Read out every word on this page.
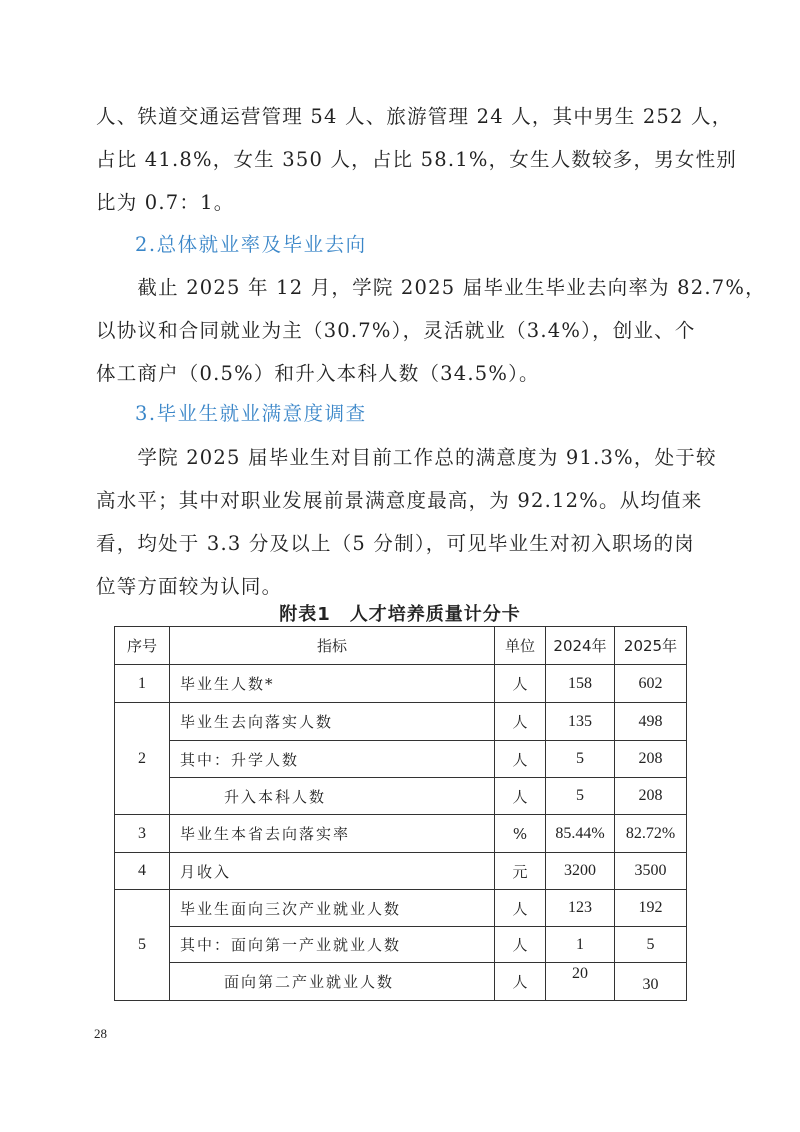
人、铁道交通运营管理 54 人、旅游管理 24 人，其中男生 252 人，
占比 41.8%，女生 350 人，占比 58.1%，女生人数较多，男女性别
比为 0.7：1。
2.总体就业率及毕业去向
　　截止 2025 年 12 月，学院 2025 届毕业生毕业去向率为 82.7%，
以协议和合同就业为主（30.7%），灵活就业（3.4%），创业、个
体工商户（0.5%）和升入本科人数（34.5%）。
3.毕业生就业满意度调查
　　学院 2025 届毕业生对目前工作总的满意度为 91.3%，处于较
高水平；其中对职业发展前景满意度最高，为 92.12%。从均值来
看，均处于 3.3 分及以上（5 分制），可见毕业生对初入职场的岗
位等方面较为认同。
附表1　人才培养质量计分卡
序号	指标	单位	2024年	2025年
1	毕业生人数*	人	158	602
2	毕业生去向落实人数	人	135	498
	其中：升学人数	人	5	208
	升入本科人数	人	5	208
3	毕业生本省去向落实率	%	85.44%	82.72%
4	月收入	元	3200	3500
5	毕业生面向三次产业就业人数	人	123	192
	其中：面向第一产业就业人数	人	1	5
	面向第二产业就业人数	人	20	30
28
